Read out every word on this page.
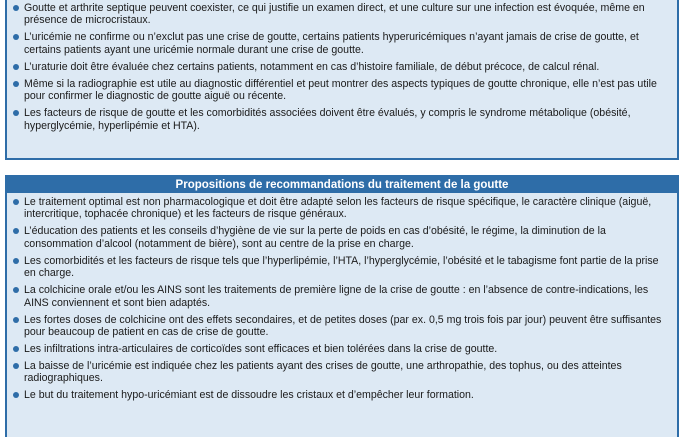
Goutte et arthrite septique peuvent coexister, ce qui justifie un examen direct, et une culture sur une infection est évoquée, même en présence de microcristaux.
L’uricémie ne confirme ou n’exclut pas une crise de goutte, certains patients hyperuricémiques n’ayant jamais de crise de goutte, et certains patients ayant une uricémie normale durant une crise de goutte.
L’uraturie doit être évaluée chez certains patients, notamment en cas d’histoire familiale, de début précoce, de calcul rénal.
Même si la radiographie est utile au diagnostic différentiel et peut montrer des aspects typiques de goutte chronique, elle n’est pas utile pour confirmer le diagnostic de goutte aiguë ou récente.
Les facteurs de risque de goutte et les comorbidités associées doivent être évalués, y compris le syndrome métabolique (obésité, hyperglycémie, hyperlipémie et HTA).
Propositions de recommandations du traitement de la goutte
Le traitement optimal est non pharmacologique et doit être adapté selon les facteurs de risque spécifique, le caractère clinique (aiguë, intercritique, tophacée chronique) et les facteurs de risque généraux.
L’éducation des patients et les conseils d’hygiène de vie sur la perte de poids en cas d’obésité, le régime, la diminution de la consommation d’alcool (notamment de bière), sont au centre de la prise en charge.
Les comorbidités et les facteurs de risque tels que l’hyperlipémie, l’HTA, l’hyperglycémie, l’obésité et le tabagisme font partie de la prise en charge.
La colchicine orale et/ou les AINS sont les traitements de première ligne de la crise de goutte : en l’absence de contre-indications, les AINS conviennent et sont bien adaptés.
Les fortes doses de colchicine ont des effets secondaires, et de petites doses (par ex. 0,5 mg trois fois par jour) peuvent être suffisantes pour beaucoup de patient en cas de crise de goutte.
Les infiltrations intra-articulaires de corticoïdes sont efficaces et bien tolérées dans la crise de goutte.
La baisse de l’uricémie est indiquée chez les patients ayant des crises de goutte, une arthropathie, des tophus, ou des atteintes radiographiques.
Le but du traitement hypo-uricémiant est de dissoudre les cristaux et d’empêcher leur formation.
